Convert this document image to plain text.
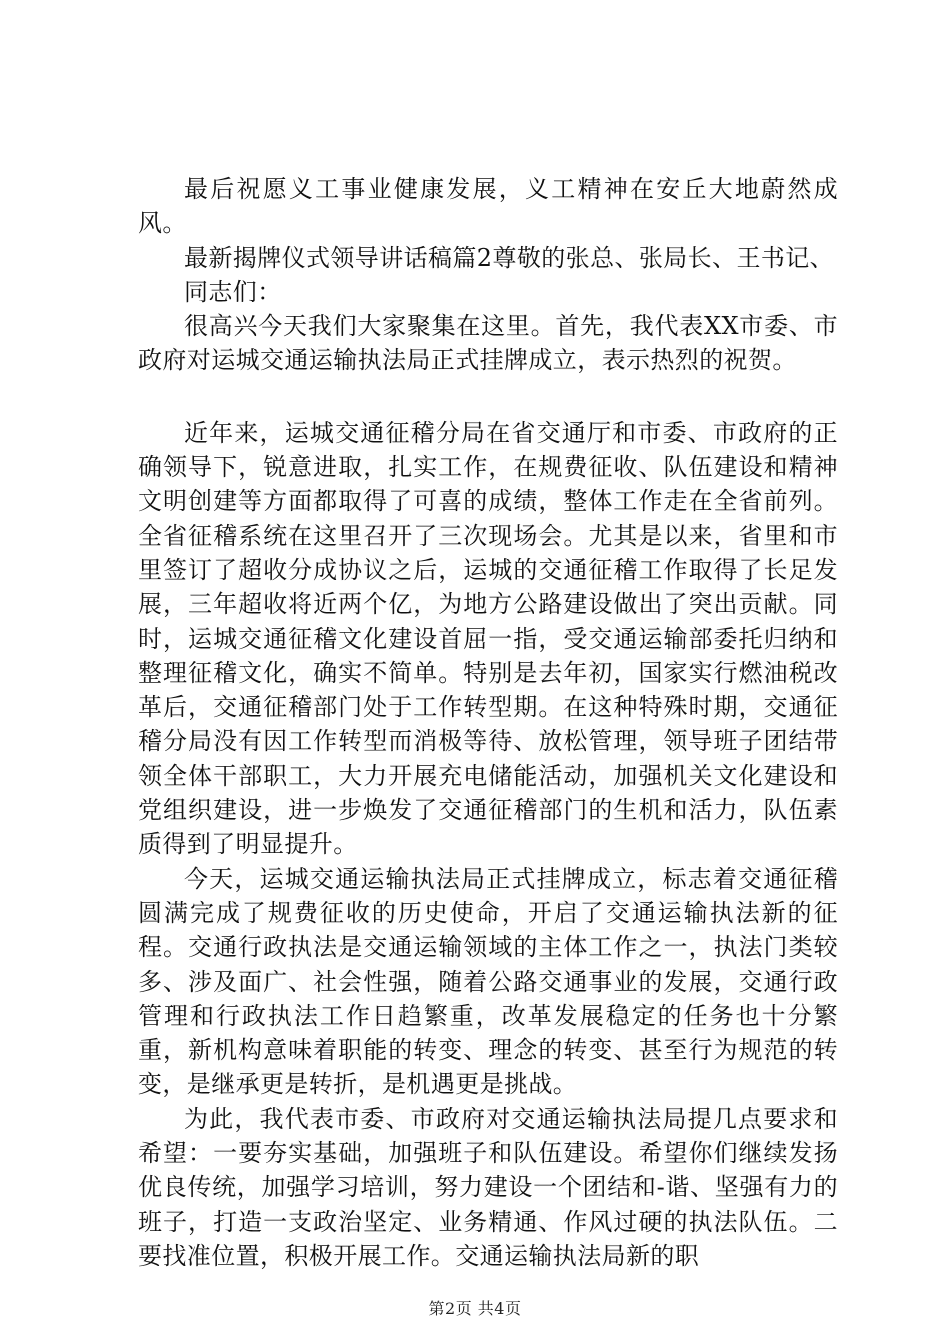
最后祝愿义工事业健康发展，义工精神在安丘大地蔚然成风。

最新揭牌仪式领导讲话稿篇2尊敬的张总、张局长、王书记、

同志们：

很高兴今天我们大家聚集在这里。首先，我代表XX市委、市政府对运城交通运输执法局正式挂牌成立，表示热烈的祝贺。

近年来，运城交通征稽分局在省交通厅和市委、市政府的正确领导下，锐意进取，扎实工作，在规费征收、队伍建设和精神文明创建等方面都取得了可喜的成绩，整体工作走在全省前列。全省征稽系统在这里召开了三次现场会。尤其是以来，省里和市里签订了超收分成协议之后，运城的交通征稽工作取得了长足发展，三年超收将近两个亿，为地方公路建设做出了突出贡献。同时，运城交通征稽文化建设首屈一指，受交通运输部委托归纳和整理征稽文化，确实不简单。特别是去年初，国家实行燃油税改革后，交通征稽部门处于工作转型期。在这种特殊时期，交通征稽分局没有因工作转型而消极等待、放松管理，领导班子团结带领全体干部职工，大力开展充电储能活动，加强机关文化建设和党组织建设，进一步焕发了交通征稽部门的生机和活力，队伍素质得到了明显提升。

今天，运城交通运输执法局正式挂牌成立，标志着交通征稽圆满完成了规费征收的历史使命，开启了交通运输执法新的征程。交通行政执法是交通运输领域的主体工作之一，执法门类较多、涉及面广、社会性强，随着公路交通事业的发展，交通行政管理和行政执法工作日趋繁重，改革发展稳定的任务也十分繁重，新机构意味着职能的转变、理念的转变、甚至行为规范的转变，是继承更是转折，是机遇更是挑战。

为此，我代表市委、市政府对交通运输执法局提几点要求和希望：一要夯实基础，加强班子和队伍建设。希望你们继续发扬优良传统，加强学习培训，努力建设一个团结和-谐、坚强有力的班子，打造一支政治坚定、业务精通、作风过硬的执法队伍。二要找准位置，积极开展工作。交通运输执法局新的职

第2页 共4页
